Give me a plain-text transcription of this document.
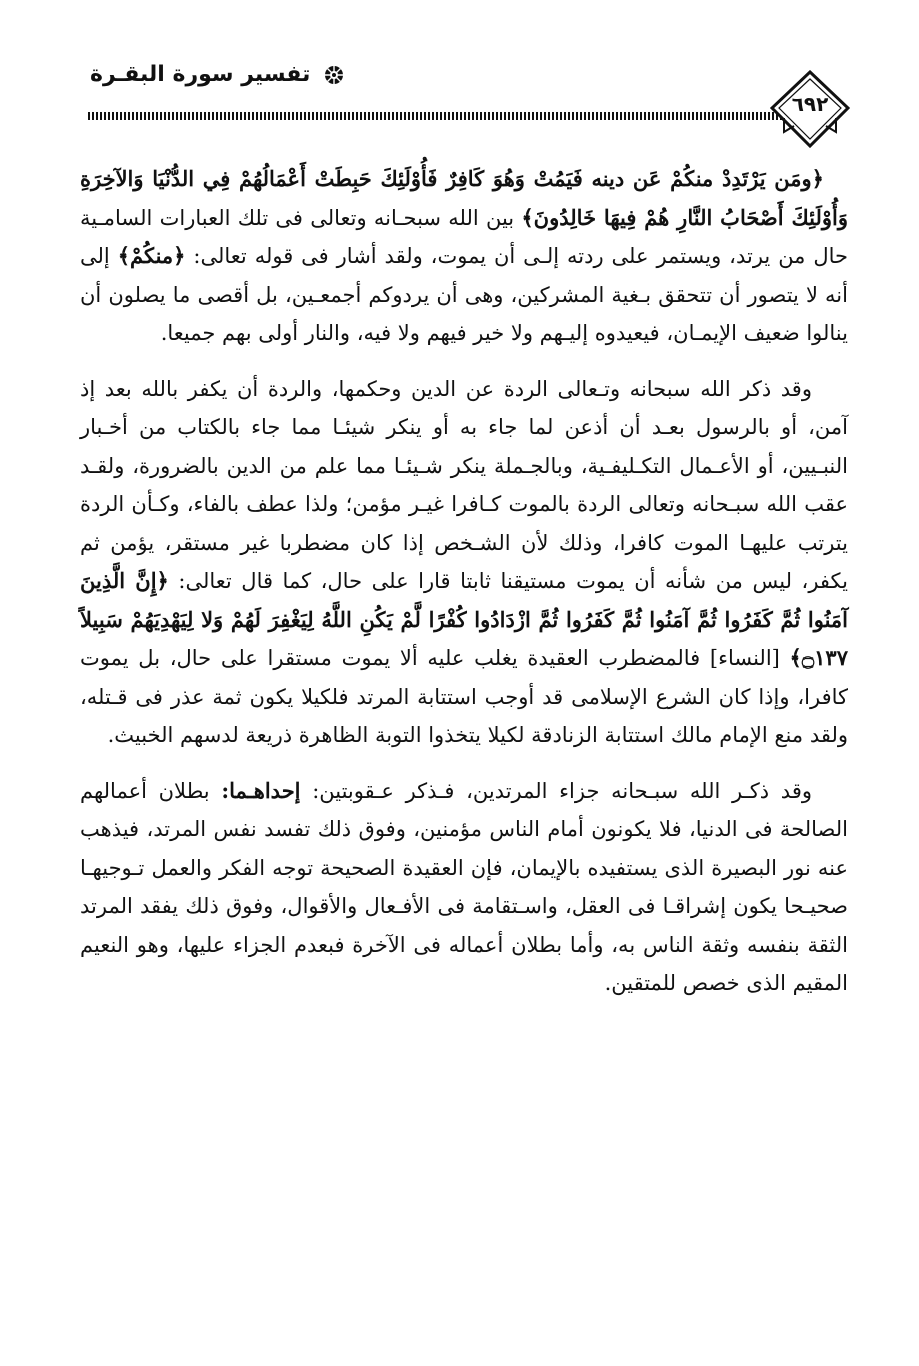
تفسير سورة البقـرة
٦٩٢

﴿ومَن يَرْتَدِدْ منكُمْ عَن دينه فَيَمُتْ وَهُوَ كَافِرٌ فَأُوْلَئِكَ حَبِطَتْ أَعْمَالُهُمْ فِي الدُّنْيَا وَالآخِرَةِ وَأُوْلَئِكَ أَصْحَابُ النَّارِ هُمْ فِيهَا خَالِدُونَ﴾ بين الله سبحـانه وتعالى فى تلك العبارات السامـية حال من يرتد، ويستمر على ردته إلـى أن يموت، ولقد أشار فى قوله تعالى: ﴿منكُمْ﴾ إلى أنه لا يتصور أن تتحقق بـغية المشركين، وهى أن يردوكم أجمعـين، بل أقصى ما يصلون أن ينالوا ضعيف الإيمـان، فيعيدوه إليـهم ولا خير فيهم ولا فيه، والنار أولى بهم جميعا.

وقد ذكر الله سبحانه وتـعالى الردة عن الدين وحكمها، والردة أن يكفر بالله بعد إذ آمن، أو بالرسول بعـد أن أذعن لما جاء به أو ينكر شيئـا مما جاء بالكتاب من أخـبار النبـيين، أو الأعـمال التكـليفـية، وبالجـملة ينكر شـيئـا مما علم من الدين بالضرورة، ولقـد عقب الله سبـحانه وتعالى الردة بالموت كـافرا غيـر مؤمن؛ ولذا عطف بالفاء، وكـأن الردة يترتب عليهـا الموت كافرا، وذلك لأن الشـخص إذا كان مضطربا غير مستقر، يؤمن ثم يكفر، ليس من شأنه أن يموت مستيقنا ثابتا قارا على حال، كما قال تعالى: ﴿إِنَّ الَّذِينَ آمَنُوا ثُمَّ كَفَرُوا ثُمَّ آمَنُوا ثُمَّ كَفَرُوا ثُمَّ ازْدَادُوا كُفْرًا لَّمْ يَكُنِ اللَّهُ لِيَغْفِرَ لَهُمْ وَلا لِيَهْدِيَهُمْ سَبِيلاً ۝١٣٧﴾ [النساء] فالمضطرب العقيدة يغلب عليه ألا يموت مستقرا على حال، بل يموت كافرا، وإذا كان الشرع الإسلامى قد أوجب استتابة المرتد فلكيلا يكون ثمة عذر فى قـتله، ولقد منع الإمام مالك استتابة الزنادقة لكيلا يتخذوا التوبة الظاهرة ذريعة لدسهم الخبيث.

وقد ذكـر الله سبـحانه جزاء المرتدين، فـذكر عـقوبتين: إحداهـما: بطلان أعمالهم الصالحة فى الدنيا، فلا يكونون أمام الناس مؤمنين، وفوق ذلك تفسد نفس المرتد، فيذهب عنه نور البصيرة الذى يستفيده بالإيمان، فإن العقيدة الصحيحة توجه الفكر والعمل تـوجيهـا صحيـحا يكون إشراقـا فى العقل، واسـتقامة فى الأفـعال والأقوال، وفوق ذلك يفقد المرتد الثقة بنفسه وثقة الناس به، وأما بطلان أعماله فى الآخرة فبعدم الجزاء عليها، وهو النعيم المقيم الذى خصص للمتقين.
